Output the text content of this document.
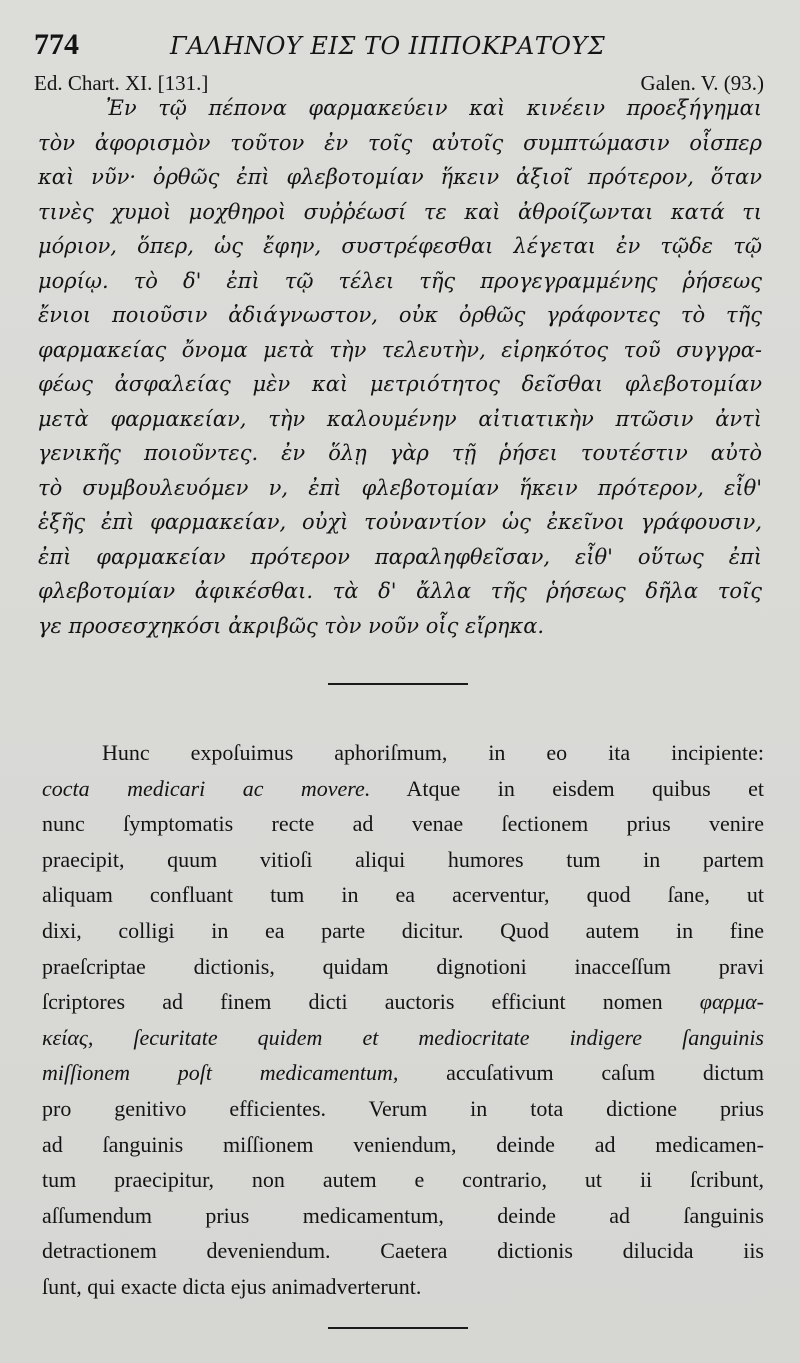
774	ΓΑΛΗΝΟΥ ΕΙΣ ΤΟ ΙΠΠΟΚΡΑΤΟΥΣ
Ed. Chart. XI. [131.]	Galen. V. (93.)
Ἐν τῷ πέπονα φαρμακεύειν καὶ κινέειν προεξήγημαι
τὸν ἀφορισμὸν τοῦτον ἐν τοῖς αὐτοῖς συμπτώμασιν οἷσπερ
καὶ νῦν· ὀρθῶς ἐπὶ φλεβοτομίαν ἥκειν ἀξιοῖ πρότερον, ὅταν
τινὲς χυμοὶ μοχθηροὶ συῤῥέωσί τε καὶ ἀθροίζωνται κατά τι
μόριον, ὅπερ, ὡς ἔφην, συστρέφεσθαι λέγεται ἐν τῷδε τῷ
μορίῳ. τὸ δ' ἐπὶ τῷ τέλει τῆς προγεγραμμένης ῥήσεως
ἔνιοι ποιοῦσιν ἀδιάγνωστον, οὐκ ὀρθῶς γράφοντες τὸ τῆς
φαρμακείας ὄνομα μετὰ τὴν τελευτὴν, εἰρηκότος τοῦ συγγρα-
φέως ἀσφαλείας μὲν καὶ μετριότητος δεῖσθαι φλεβοτομίαν
μετὰ φαρμακείαν, τὴν καλουμένην αἰτιατικὴν πτῶσιν ἀντὶ
γενικῆς ποιοῦντες. ἐν ὅλῃ γὰρ τῇ ῥήσει τουτέστιν αὐτὸ
τὸ συμβουλευόμεν ν, ἐπὶ φλεβοτομίαν ἥκειν πρότερον, εἶθ'
ἑξῆς ἐπὶ φαρμακείαν, οὐχὶ τοὐναντίον ὡς ἐκεῖνοι γράφουσιν,
ἐπὶ φαρμακείαν πρότερον παραληφθεῖσαν, εἶθ' οὕτως ἐπὶ
φλεβοτομίαν ἀφικέσθαι. τὰ δ' ἄλλα τῆς ῥήσεως δῆλα τοῖς
γε προσεσχηκόσι ἀκριβῶς τὸν νοῦν οἷς εἴρηκα.
Hunc expoſuimus aphoriſmum, in eo ita incipiente:
cocta medicari ac movere. Atque in eisdem quibus et
nunc ſymptomatis recte ad venae ſectionem prius venire
praecipit, quum vitioſi aliqui humores tum in partem
aliquam confluant tum in ea acerventur, quod ſane, ut
dixi, colligi in ea parte dicitur. Quod autem in fine
praeſcriptae dictionis, quidam dignotioni inacceſſum pravi
ſcriptores ad finem dicti auctoris efficiunt nomen φαρμα-
κείας, ſecuritate quidem et mediocritate indigere ſanguinis
miſſionem poſt medicamentum, accuſativum caſum dictum
pro genitivo efficientes. Verum in tota dictione prius
ad ſanguinis miſſionem veniendum, deinde ad medicamen-
tum praecipitur, non autem e contrario, ut ii ſcribunt,
aſſumendum prius medicamentum, deinde ad ſanguinis
detractionem deveniendum. Caetera dictionis dilucida iis
ſunt, qui exacte dicta ejus animadverterunt.
